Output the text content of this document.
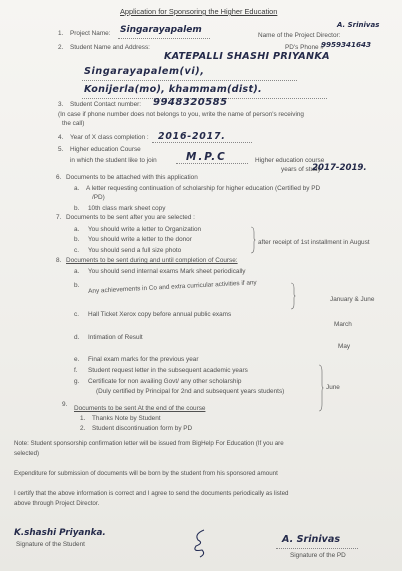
Application for Sponsoring the Higher Education
1. Project Name: Singarayapalem
Name of the Project Director:
A. Srinivas
PD's Phone #
9959341643
2. Student Name and Address:
KATEPALLI SHASHI PRIYANKA
Singarayapalem(vi),
Konijerla(mo), khammam(dist).
3. Student Contact number: 9948320585
(In case if phone number does not belongs to you, write the name of person's receiving
the call)
4. Year of X class completion : 2016-2017.
5. Higher education Course
in which the student like to join	M.P.C	Higher education course
years of study
2017-2019.
6. Documents to be attached with this application
a. A letter requesting continuation of scholarship for higher education (Certified by PD
/PD)
b. 10th class mark sheet copy
7. Documents to be sent after you are selected :
a. You should write a letter to Organization
b. You should write a letter to the donor
c. You should send a full size photo
after receipt of 1st installment in August
8. Documents to be sent during and until completion of Course:
a. You should send internal exams Mark sheet periodically
b. Any achievements in Co and extra curricular activities if any
January & June
c. Hall Ticket Xerox copy before annual public exams
March
d. Intimation of Result
May
e. Final exam marks for the previous year
f. Student request letter in the subsequent academic years
g. Certificate for non availing Govt/ any other scholarship
(Duly certified by Principal for 2nd and subsequent years students)
June
9.
Documents to be sent At the end of the course
1. Thanks Note by Student
2. Student discontinuation form by PD
Note: Student sponsorship confirmation letter will be issued from BigHelp For Education (If you are
selected)
Expenditure for submission of documents will be born by the student from his sponsored amount
I certify that the above information is correct and I agree to send the documents periodically as listed
above through Project Director.
K.shashi Priyanka.
Signature of the Student	A. Srinivas
Signature of the PD
